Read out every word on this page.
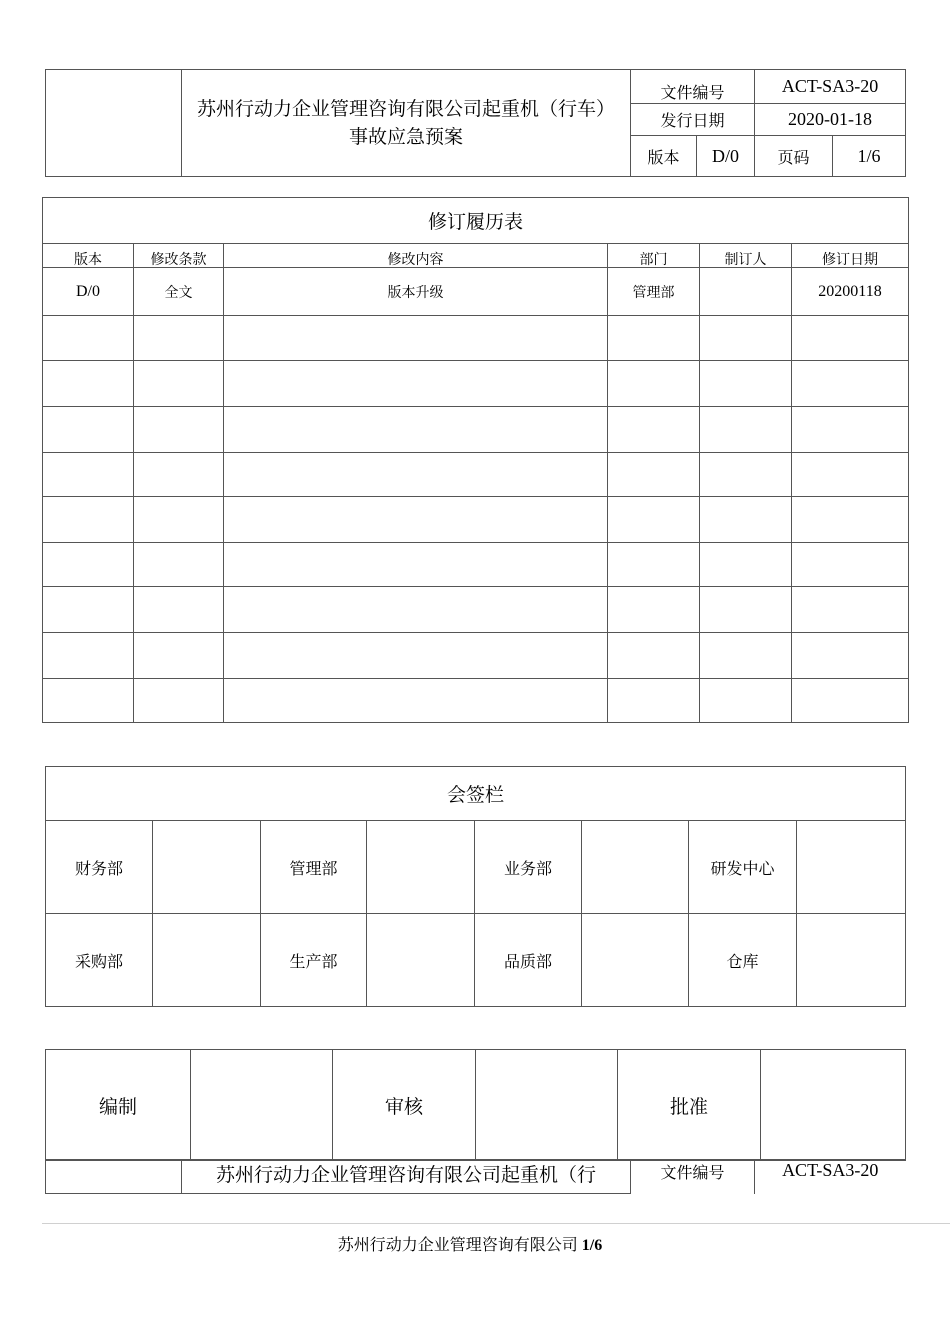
	苏州行动力企业管理咨询有限公司起重机（行车）事故应急预案	文件编号		ACT-SA3-20	
		发行日期		2020-01-18	
		版本	D/0	页码	1/6
修订履历表					
版本	修改条款	修改内容	部门	制订人	修订日期
D/0	全文	版本升级	管理部		20200118

会签栏							
财务部		管理部		业务部		研发中心	
采购部		生产部		品质部		仓库	
编制		审核		批准	
	苏州行动力企业管理咨询有限公司起重机（行	文件编号	ACT-SA3-20
苏州行动力企业管理咨询有限公司 1/6
